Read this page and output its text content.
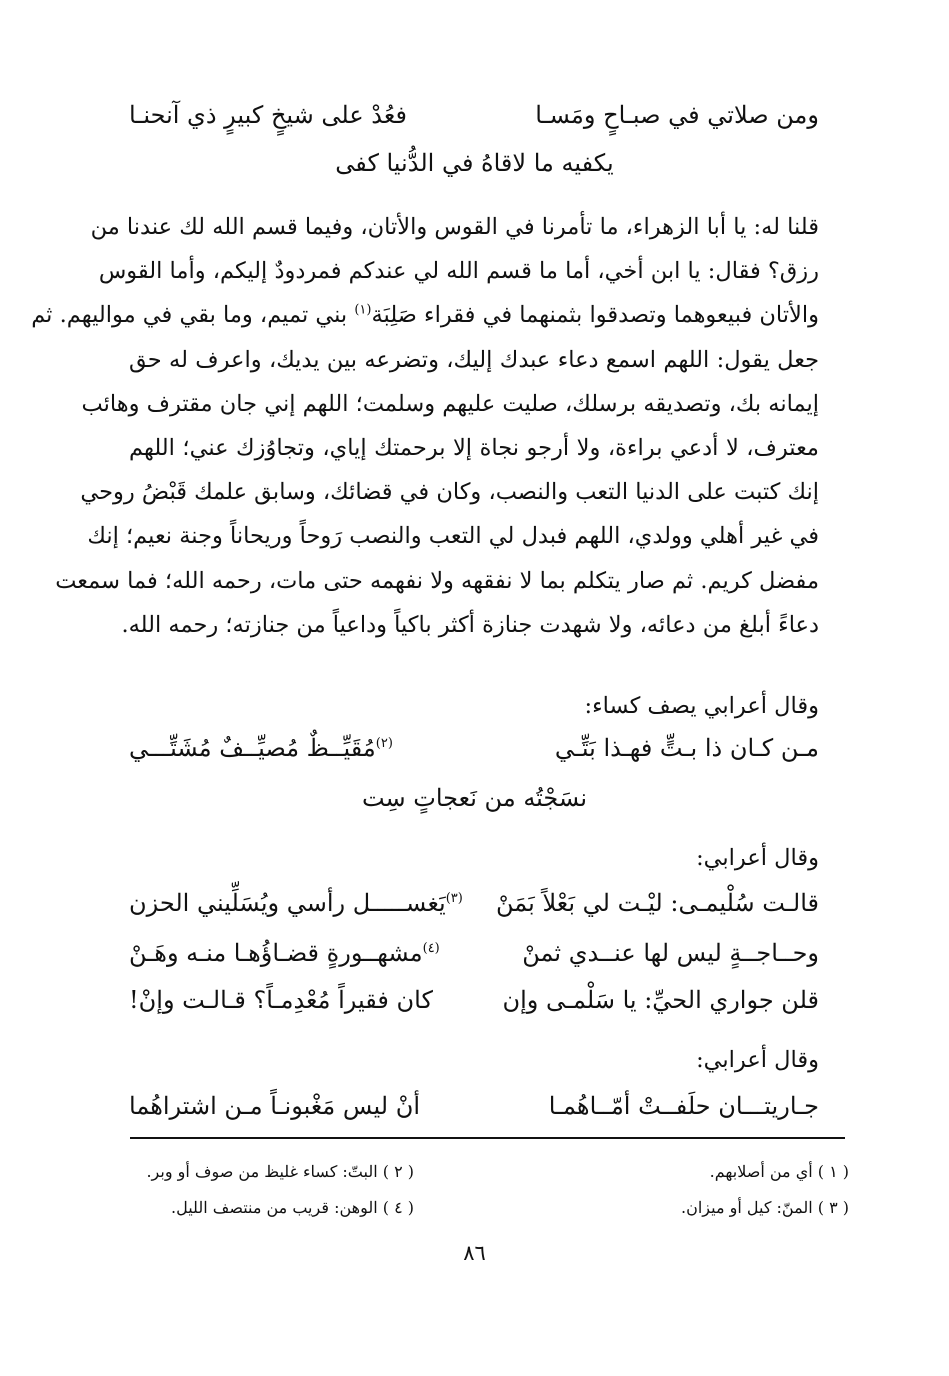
ومن صلاتي في صبـاحٍ ومَسـا
فعُدْ على شيخٍ كبيرٍ ذي آنحنـا
يكفيه ما لاقاهُ في الدُّنيا كفى
قلنا له: يا أبا الزهراء، ما تأمرنا في القوس والأتان، وفيما قسم الله لك عندنا من
رزق؟ فقال: يا ابن أخي، أما ما قسم الله لي عندكم فمردودٌ إليكم، وأما القوس
والأتان فبيعوهما وتصدقوا بثمنهما في فقراء صَلِبَة$^{(١)}$ بني تميم، وما بقي في مواليهم. ثم
جعل يقول: اللهم اسمع دعاء عبدك إليك، وتضرعه بين يديك، واعرف له حق
إيمانه بك، وتصديقه برسلك، صليت عليهم وسلمت؛ اللهم إني جان مقترف وهائب
معترف، لا أدعي براءة، ولا أرجو نجاة إلا برحمتك إياي، وتجاوُزك عني؛ اللهم
إنك كتبت على الدنيا التعب والنصب، وكان في قضائك، وسابق علمك قَبْضُ روحي
في غير أهلي وولدي، اللهم فبدل لي التعب والنصب رَوحاً وريحاناً وجنة نعيم؛ إنك
مفضل كريم. ثم صار يتكلم بما لا نفقهه ولا نفهمه حتى مات، رحمه الله؛ فما سمعت
دعاءً أبلغ من دعائه، ولا شهدت جنازة أكثر باكياً وداعياً من جنازته؛ رحمه الله.
وقال أعرابي يصف كساء:
مـن كـان ذا بـتٍّ فهـذا بَتِّـي
$^{(٢)}$مُقَيِّــظٌ مُصيِّــفٌ مُشَتِّـــي
نسَجْتُه من نَعجاتٍ سِت
وقال أعرابي:
قالـت سُلْيمـى: ليْـت لي بَعْلاً بَمَنْ
$^{(٣)}$يَغســـــل رأسي ويُسَلِّيني الحزن
وحــاجــةٍ ليس لها عنــدي ثمنْ
$^{(٤)}$مشهــورةٍ قضـاؤُهـا منـه وهَـنْ
قلن جواري الحيِّ: يا سَلْمـى وإن
كان فقيراً مُعْدِمـاً؟ قـالـت وإنْ!
وقال أعرابي:
جـاريتـــان حلَفــتْ أمّــاهُمـا
أنْ ليس مَغْبونـاً مـن اشتراهُما
( ١ ) أي من أصلابهم.
( ٢ ) البتّ: كساء غليظ من صوف أو وبر.
( ٣ ) المنّ: كيل أو ميزان.
( ٤ ) الوهن: قريب من منتصف الليل.
٨٦
